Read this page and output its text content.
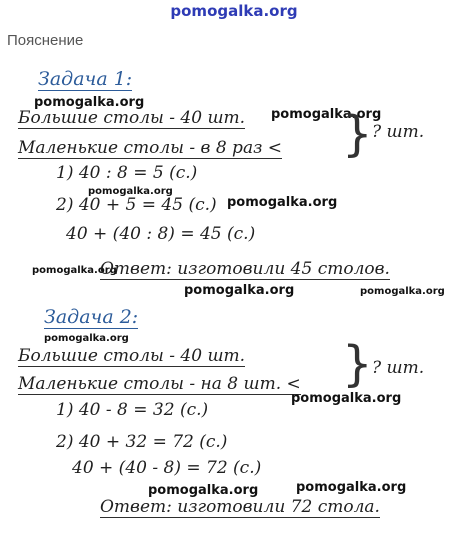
pomogalka.org
Пояснение
Задача 1:
pomogalka.org
Большие столы - 40 шт. pomogalka.org
Маленькие столы - в 8 раз < } ? шт.
1) 40 : 8 = 5 (с.)
pomogalka.org
2) 40 + 5 = 45 (с.) pomogalka.org
40 + (40 : 8) = 45 (с.)
pomogalka.org
Ответ: изготовили 45 столов.
pomogalka.org	pomogalka.org
Задача 2:
pomogalka.org
Большие столы - 40 шт.
Маленькие столы - на 8 шт. < } ? шт.
pomogalka.org
1) 40 - 8 = 32 (с.)
2) 40 + 32 = 72 (с.)
40 + (40 - 8) = 72 (с.)
pomogalka.org	pomogalka.org
Ответ: изготовили 72 стола.
